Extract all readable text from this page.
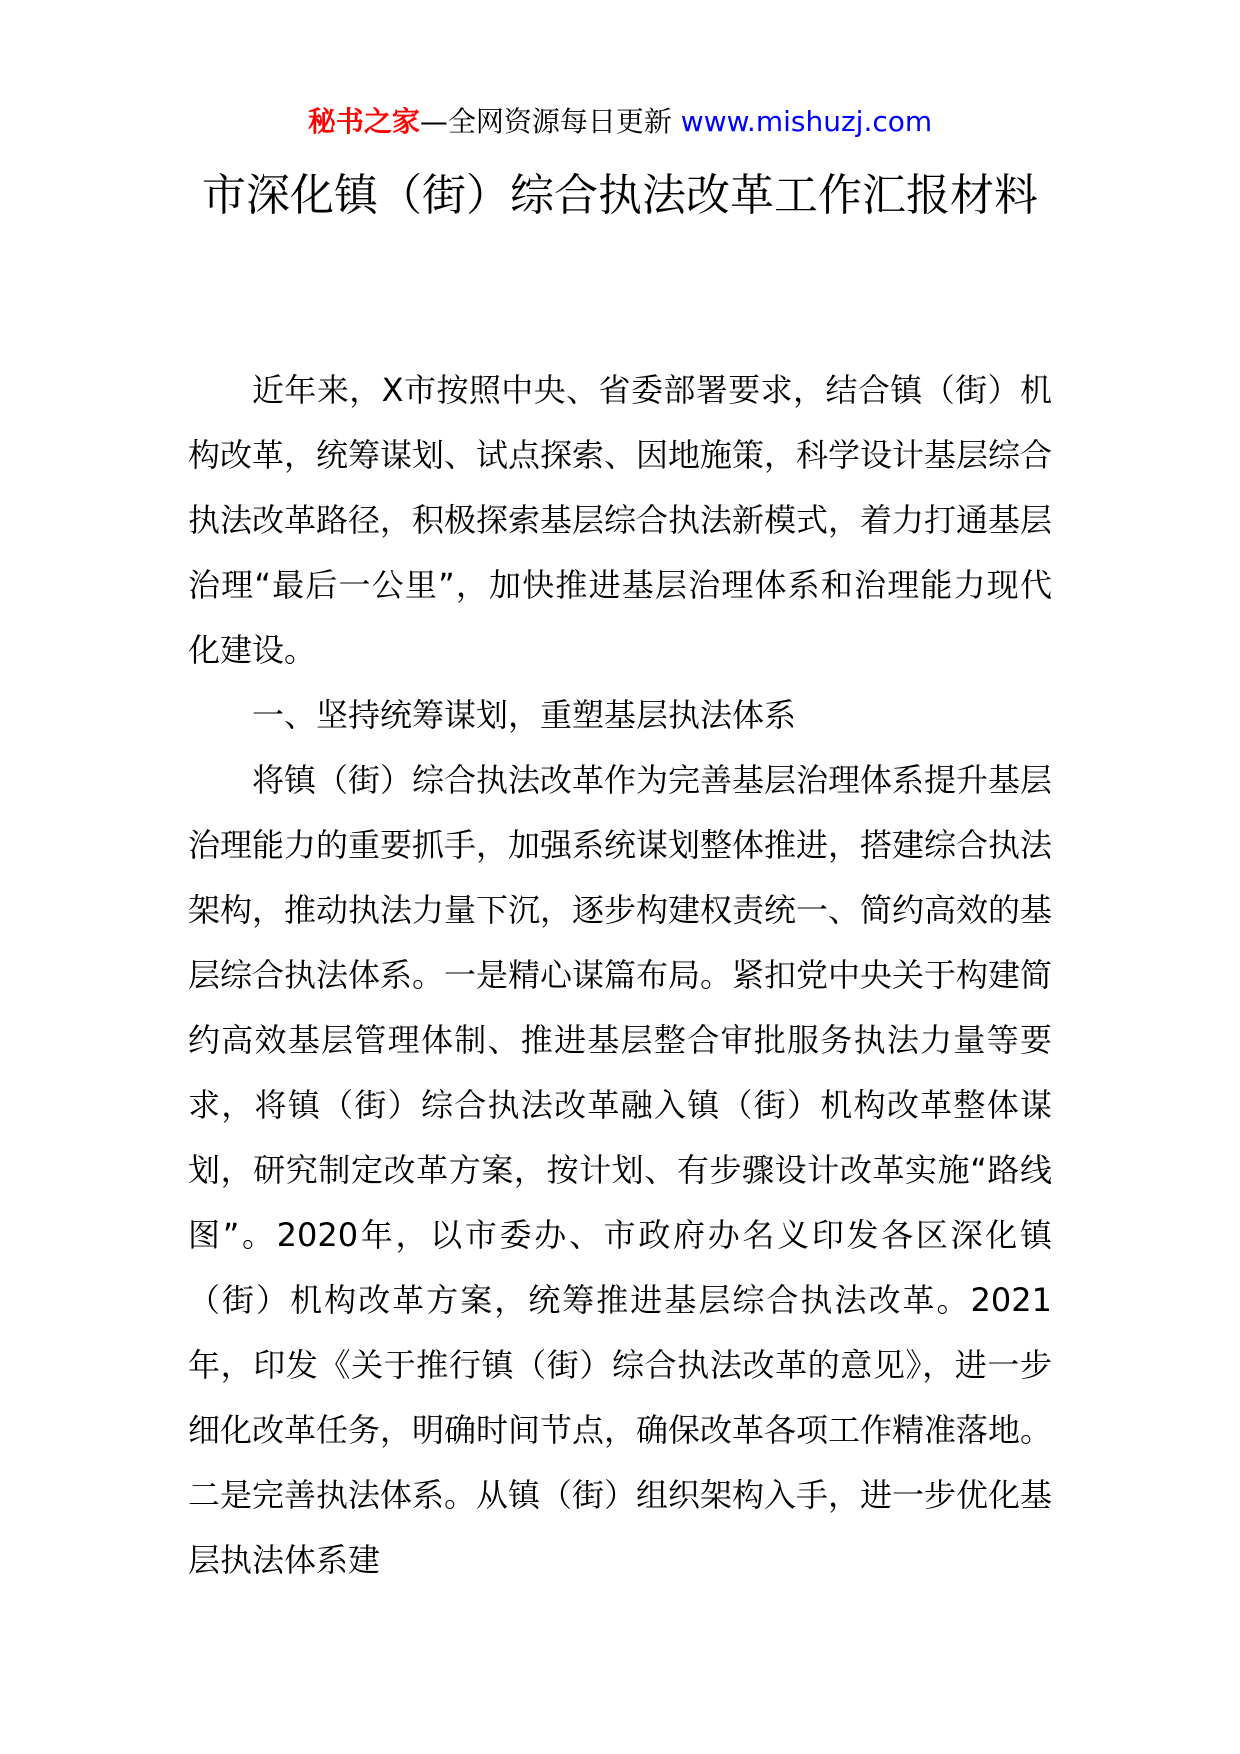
秘书之家—全网资源每日更新 www.mishuzj.com
市深化镇（街）综合执法改革工作汇报材料

近年来，X市按照中央、省委部署要求，结合镇（街）机构改革，统筹谋划、试点探索、因地施策，科学设计基层综合执法改革路径，积极探索基层综合执法新模式，着力打通基层治理“最后一公里”，加快推进基层治理体系和治理能力现代化建设。

一、坚持统筹谋划，重塑基层执法体系

将镇（街）综合执法改革作为完善基层治理体系提升基层治理能力的重要抓手，加强系统谋划整体推进，搭建综合执法架构，推动执法力量下沉，逐步构建权责统一、简约高效的基层综合执法体系。一是精心谋篇布局。紧扣党中央关于构建简约高效基层管理体制、推进基层整合审批服务执法力量等要求，将镇（街）综合执法改革融入镇（街）机构改革整体谋划，研究制定改革方案，按计划、有步骤设计改革实施“路线图”。2020年，以市委办、市政府办名义印发各区深化镇（街）机构改革方案，统筹推进基层综合执法改革。2021年，印发《关于推行镇（街）综合执法改革的意见》，进一步细化改革任务，明确时间节点，确保改革各项工作精准落地。二是完善执法体系。从镇（街）组织架构入手，进一步优化基层执法体系建
